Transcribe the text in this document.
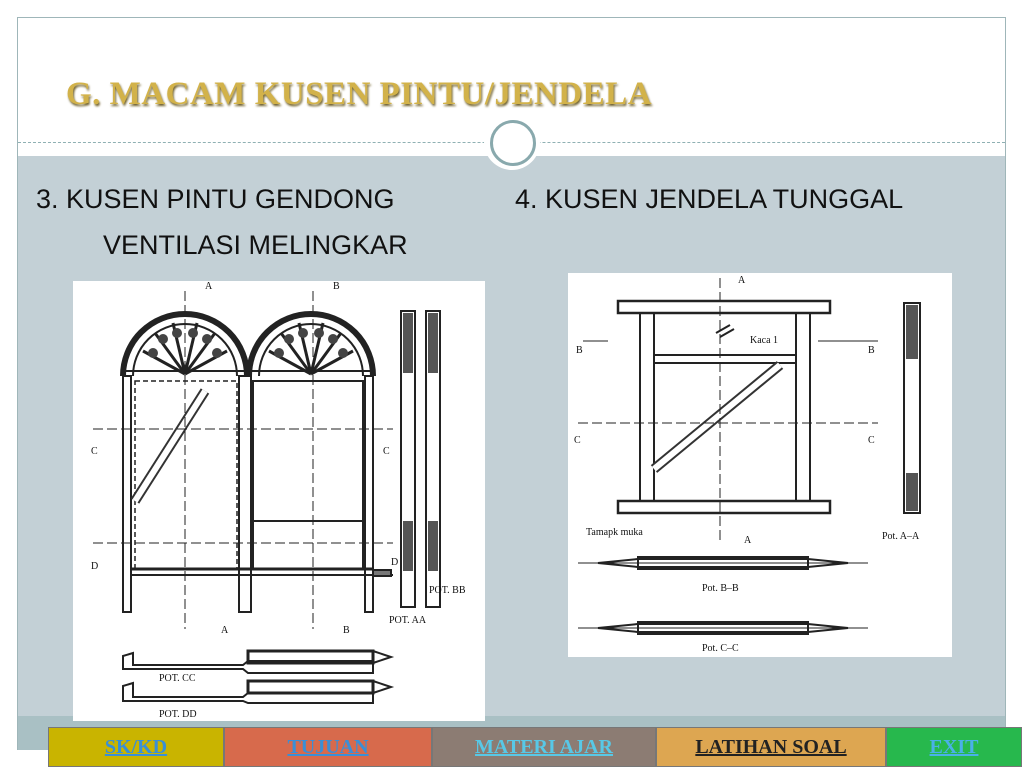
G. MACAM KUSEN PINTU/JENDELA
3. KUSEN PINTU GENDONG
VENTILASI MELINGKAR
4. KUSEN JENDELA TUNGGAL
A	B
C	C
D	D
A	B
POT. BB
POT. AA
POT. CC
POT. DD
A
B	B
C	C
A
Kaca 1
Tamapk muka	Pot. A–A
Pot. B–B
Pot. C–C
SK/KD	TUJUAN	MATERI AJAR	LATIHAN SOAL	EXIT
